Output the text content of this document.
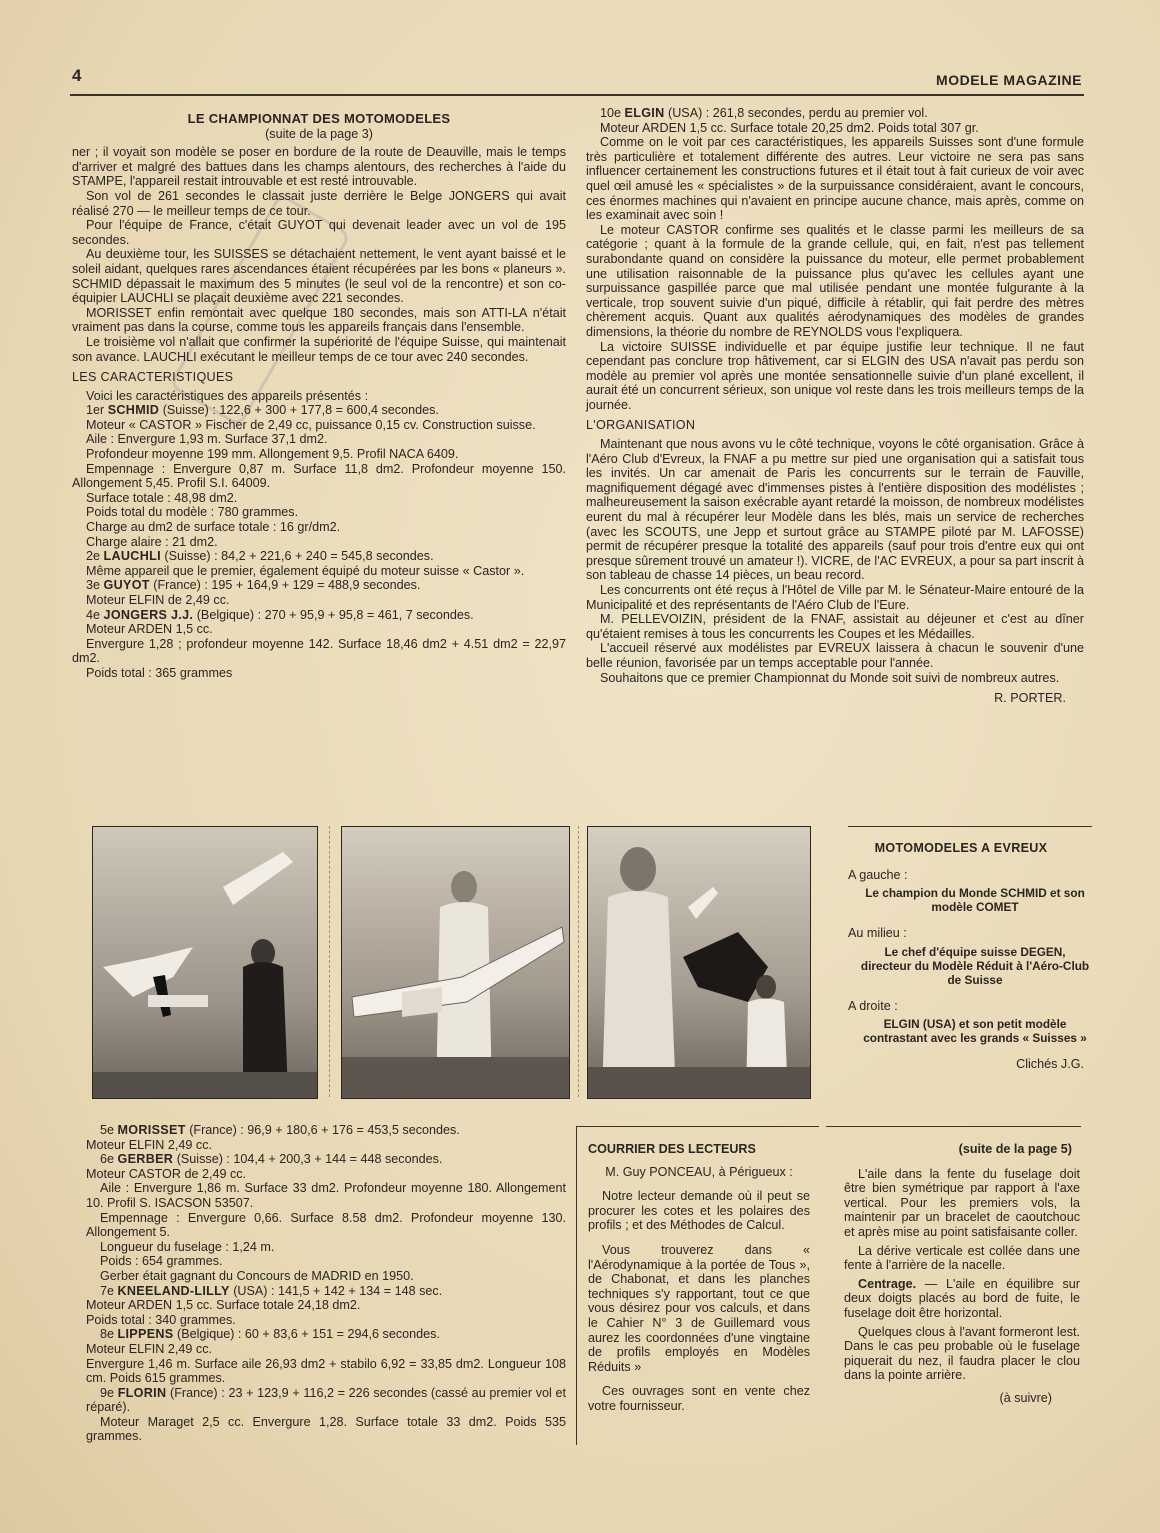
4	MODELE MAGAZINE

LE CHAMPIONNAT DES MOTOMODELES

(suite de la page 3)

ner ; il voyait son modèle se poser en bordure de la route de Deauville, mais le temps d'arriver et malgré des battues dans les champs alentours, des recherches à l'aide du STAMPE, l'appareil restait introuvable et est resté introuvable.

Son vol de 261 secondes le classait juste derrière le Belge JONGERS qui avait réalisé 270 — le meilleur temps de ce tour.

Pour l'équipe de France, c'était GUYOT qui devenait leader avec un vol de 195 secondes.

Au deuxième tour, les SUISSES se détachaient nettement, le vent ayant baissé et le soleil aidant, quelques rares ascendances étaient récupérées par les bons « planeurs ». SCHMID dépassait le maximum des 5 minutes (le seul vol de la rencontre) et son co-équipier LAUCHLI se plaçait deuxième avec 221 secondes.

MORISSET enfin remontait avec quelque 180 secondes, mais son ATTI-LA n'était vraiment pas dans la course, comme tous les appareils français dans l'ensemble.

Le troisième vol n'allait que confirmer la supériorité de l'équipe Suisse, qui maintenait son avance. LAUCHLI exécutant le meilleur temps de ce tour avec 240 secondes.

LES CARACTERISTIQUES

Voici les caractéristiques des appareils présentés :

1er SCHMID (Suisse) : 122,6 + 300 + 177,8 = 600,4 secondes.

Moteur « CASTOR » Fischer de 2,49 cc, puissance 0,15 cv. Construction suisse.

Aile : Envergure 1,93 m. Surface 37,1 dm2.

Profondeur moyenne 199 mm. Allongement 9,5. Profil NACA 6409.

Empennage : Envergure 0,87 m. Surface 11,8 dm2. Profondeur moyenne 150. Allongement 5,45. Profil S.I. 64009.

Surface totale : 48,98 dm2.

Poids total du modèle : 780 grammes.

Charge au dm2 de surface totale : 16 gr/dm2.

Charge alaire : 21 dm2.

2e LAUCHLI (Suisse) : 84,2 + 221,6 + 240 = 545,8 secondes.

Même appareil que le premier, également équipé du moteur suisse « Castor ».

3e GUYOT (France) : 195 + 164,9 + 129 = 488,9 secondes.

Moteur ELFIN de 2,49 cc.

4e JONGERS J.J. (Belgique) : 270 + 95,9 + 95,8 = 461, 7 secondes.

Moteur ARDEN 1,5 cc.

Envergure 1,28 ; profondeur moyenne 142. Surface 18,46 dm2 + 4.51 dm2 = 22,97 dm2.

Poids total : 365 grammes

10e ELGIN (USA) : 261,8 secondes, perdu au premier vol.

Moteur ARDEN 1,5 cc. Surface totale 20,25 dm2. Poids total 307 gr.

Comme on le voit par ces caractéristiques, les appareils Suisses sont d'une formule très particulière et totalement différente des autres. Leur victoire ne sera pas sans influencer certainement les constructions futures et il était tout à fait curieux de voir avec quel œil amusé les « spécialistes » de la surpuissance considéraient, avant le concours, ces énormes machines qui n'avaient en principe aucune chance, mais après, comme on les examinait avec soin !

Le moteur CASTOR confirme ses qualités et le classe parmi les meilleurs de sa catégorie ; quant à la formule de la grande cellule, qui, en fait, n'est pas tellement surabondante quand on considère la puissance du moteur, elle permet probablement une utilisation raisonnable de la puissance plus qu'avec les cellules ayant une surpuissance gaspillée parce que mal utilisée pendant une montée fulgurante à la verticale, trop souvent suivie d'un piqué, difficile à rétablir, qui fait perdre des mètres chèrement acquis. Quant aux qualités aérodynamiques des modèles de grandes dimensions, la théorie du nombre de REYNOLDS vous l'expliquera.

La victoire SUISSE individuelle et par équipe justifie leur technique. Il ne faut cependant pas conclure trop hâtivement, car si ELGIN des USA n'avait pas perdu son modèle au premier vol après une montée sensationnelle suivie d'un plané excellent, il aurait été un concurrent sérieux, son unique vol reste dans les trois meilleurs temps de la journée.

L'ORGANISATION

Maintenant que nous avons vu le côté technique, voyons le côté organisation. Grâce à l'Aéro Club d'Evreux, la FNAF a pu mettre sur pied une organisation qui a satisfait tous les invités. Un car amenait de Paris les concurrents sur le terrain de Fauville, magnifiquement dégagé avec d'immenses pistes à l'entière disposition des modélistes ; malheureusement la saison exécrable ayant retardé la moisson, de nombreux modélistes eurent du mal à récupérer leur Modèle dans les blés, mais un service de recherches (avec les SCOUTS, une Jepp et surtout grâce au STAMPE piloté par M. LAFOSSE) permit de récupérer presque la totalité des appareils (sauf pour trois d'entre eux qui ont presque sûrement trouvé un amateur !). VICRE, de l'AC EVREUX, a pour sa part inscrit à son tableau de chasse 14 pièces, un beau record.

Les concurrents ont été reçus à l'Hôtel de Ville par M. le Sénateur-Maire entouré de la Municipalité et des représentants de l'Aéro Club de l'Eure.

M. PELLEVOIZIN, président de la FNAF, assistait au déjeuner et c'est au dîner qu'étaient remises à tous les concurrents les Coupes et les Médailles.

L'accueil réservé aux modélistes par EVREUX laissera à chacun le souvenir d'une belle réunion, favorisée par un temps acceptable pour l'année.

Souhaitons que ce premier Championnat du Monde soit suivi de nombreux autres.

R. PORTER.

MOTOMODELES A EVREUX
A gauche :
Le champion du Monde SCHMID et son modèle COMET
Au milieu :
Le chef d'équipe suisse DEGEN, directeur du Modèle Réduit à l'Aéro-Club de Suisse
A droite :
ELGIN (USA) et son petit modèle contrastant avec les grands « Suisses »
Clichés J.G.

5e MORISSET (France) : 96,9 + 180,6 + 176 = 453,5 secondes.

Moteur ELFIN 2,49 cc.

6e GERBER (Suisse) : 104,4 + 200,3 + 144 = 448 secondes.

Moteur CASTOR de 2,49 cc.

Aile : Envergure 1,86 m. Surface 33 dm2. Profondeur moyenne 180. Allongement 10. Profil S. ISACSON 53507.

Empennage : Envergure 0,66. Surface 8.58 dm2. Profondeur moyenne 130. Allongement 5.

Longueur du fuselage : 1,24 m.

Poids : 654 grammes.

Gerber était gagnant du Concours de MADRID en 1950.

7e KNEELAND-LILLY (USA) : 141,5 + 142 + 134 = 148 sec.

Moteur ARDEN 1,5 cc. Surface totale 24,18 dm2.

Poids total : 340 grammes.

8e LIPPENS (Belgique) : 60 + 83,6 + 151 = 294,6 secondes.

Moteur ELFIN 2,49 cc.

Envergure 1,46 m. Surface aile 26,93 dm2 + stabilo 6,92 = 33,85 dm2. Longueur 108 cm. Poids 615 grammes.

9e FLORIN (France) : 23 + 123,9 + 116,2 = 226 secondes (cassé au premier vol et réparé).

Moteur Maraget 2,5 cc. Envergure 1,28. Surface totale 33 dm2. Poids 535 grammes.

COURRIER DES LECTEURS

M. Guy PONCEAU, à Périgueux :

Notre lecteur demande où il peut se procurer les cotes et les polaires des profils ; et des Méthodes de Calcul.

Vous trouverez dans « l'Aérodynamique à la portée de Tous », de Chabonat, et dans les planches techniques s'y rapportant, tout ce que vous désirez pour vos calculs, et dans le Cahier N° 3 de Guillemard vous aurez les coordonnées d'une vingtaine de profils employés en Modèles Réduits »

Ces ouvrages sont en vente chez votre fournisseur.

(suite de la page 5)

L'aile dans la fente du fuselage doit être bien symétrique par rapport à l'axe vertical. Pour les premiers vols, la maintenir par un bracelet de caoutchouc et après mise au point satisfaisante coller.

La dérive verticale est collée dans une fente à l'arrière de la nacelle.

Centrage. — L'aile en équilibre sur deux doigts placés au bord de fuite, le fuselage doit être horizontal.

Quelques clous à l'avant formeront lest. Dans le cas peu probable où le fuselage piquerait du nez, il faudra placer le clou dans la pointe arrière.

(à suivre)
